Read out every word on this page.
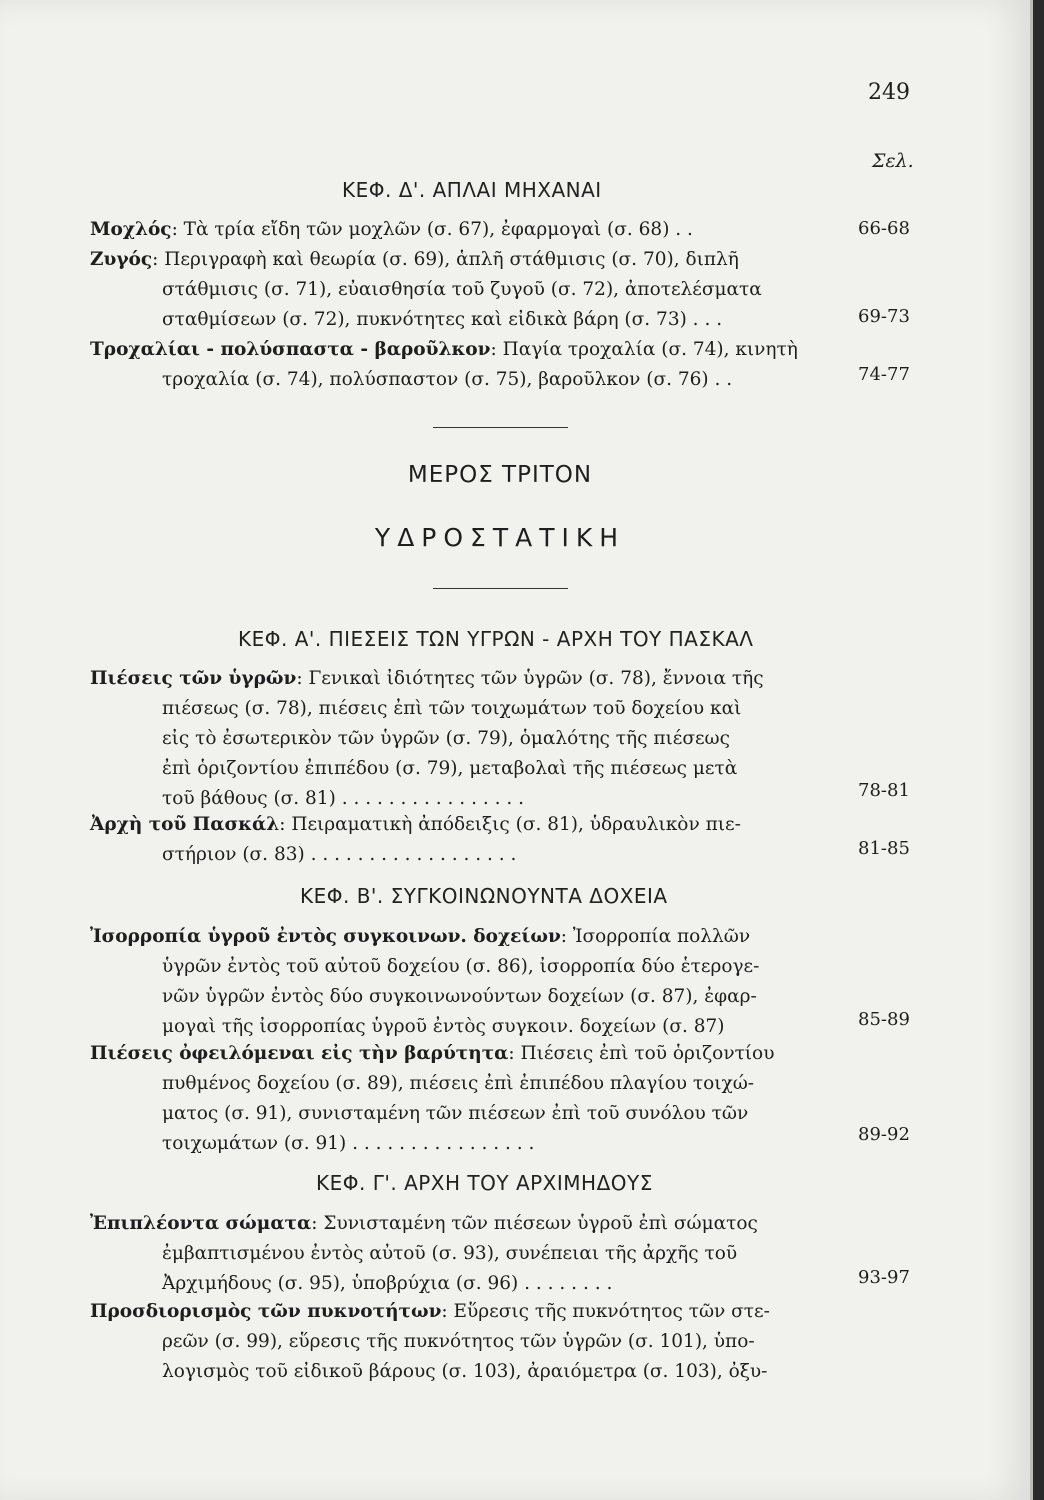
249
Σελ.
ΚΕΦ. Δ'. ΑΠΛΑΙ ΜΗΧΑΝΑΙ
Μοχλός: Τὰ τρία εἴδη τῶν μοχλῶν (σ. 67), ἐφαρμογαὶ (σ. 68) . .	66-68
Ζυγός: Περιγραφὴ καὶ θεωρία (σ. 69), ἁπλῆ στάθμισις (σ. 70), διπλῆ
στάθμισις (σ. 71), εὐαισθησία τοῦ ζυγοῦ (σ. 72), ἀποτελέσματα
σταθμίσεων (σ. 72), πυκνότητες καὶ εἰδικὰ βάρη (σ. 73) . . .	69-73
Τροχαλίαι - πολύσπαστα - βαροῦλκον: Παγία τροχαλία (σ. 74), κινητὴ
τροχαλία (σ. 74), πολύσπαστον (σ. 75), βαροῦλκον (σ. 76) . .	74-77
ΜΕΡΟΣ ΤΡΙΤΟΝ
ΥΔΡΟΣΤΑΤΙΚΗ
ΚΕΦ. Α'. ΠΙΕΣΕΙΣ ΤΩΝ ΥΓΡΩΝ - ΑΡΧΗ ΤΟΥ ΠΑΣΚΑΛ
Πιέσεις τῶν ὑγρῶν: Γενικαὶ ἰδιότητες τῶν ὑγρῶν (σ. 78), ἔννοια τῆς
πιέσεως (σ. 78), πιέσεις ἐπὶ τῶν τοιχωμάτων τοῦ δοχείου καὶ
εἰς τὸ ἐσωτερικὸν τῶν ὑγρῶν (σ. 79), ὁμαλότης τῆς πιέσεως
ἐπὶ ὁριζοντίου ἐπιπέδου (σ. 79), μεταβολαὶ τῆς πιέσεως μετὰ
τοῦ βάθους (σ. 81) . . . . . . . . . . . . . . . .	78-81
Ἀρχὴ τοῦ Πασκάλ: Πειραματικὴ ἀπόδειξις (σ. 81), ὑδραυλικὸν πιε-
στήριον (σ. 83) . . . . . . . . . . . . . . . . . .	81-85
ΚΕΦ. Β'. ΣΥΓΚΟΙΝΩΝΟΥΝΤΑ ΔΟΧΕΙΑ
Ἰσορροπία ὑγροῦ ἐντὸς συγκοινων. δοχείων: Ἰσορροπία πολλῶν
ὑγρῶν ἐντὸς τοῦ αὐτοῦ δοχείου (σ. 86), ἰσορροπία δύο ἑτερογε-
νῶν ὑγρῶν ἐντὸς δύο συγκοινωνούντων δοχείων (σ. 87), ἐφαρ-
μογαὶ τῆς ἰσορροπίας ὑγροῦ ἐντὸς συγκοιν. δοχείων (σ. 87)	85-89
Πιέσεις ὀφειλόμεναι εἰς τὴν βαρύτητα: Πιέσεις ἐπὶ τοῦ ὁριζοντίου
πυθμένος δοχείου (σ. 89), πιέσεις ἐπὶ ἐπιπέδου πλαγίου τοιχώ-
ματος (σ. 91), συνισταμένη τῶν πιέσεων ἐπὶ τοῦ συνόλου τῶν
τοιχωμάτων (σ. 91) . . . . . . . . . . . . . . . .	89-92
ΚΕΦ. Γ'. ΑΡΧΗ ΤΟΥ ΑΡΧΙΜΗΔΟΥΣ
Ἐπιπλέοντα σώματα: Συνισταμένη τῶν πιέσεων ὑγροῦ ἐπὶ σώματος
ἐμβαπτισμένου ἐντὸς αὐτοῦ (σ. 93), συνέπειαι τῆς ἀρχῆς τοῦ
Ἀρχιμήδους (σ. 95), ὑποβρύχια (σ. 96) . . . . . . . .	93-97
Προσδιορισμὸς τῶν πυκνοτήτων: Εὕρεσις τῆς πυκνότητος τῶν στε-
ρεῶν (σ. 99), εὕρεσις τῆς πυκνότητος τῶν ὑγρῶν (σ. 101), ὑπο-
λογισμὸς τοῦ εἰδικοῦ βάρους (σ. 103), ἀραιόμετρα (σ. 103), ὀξυ-
